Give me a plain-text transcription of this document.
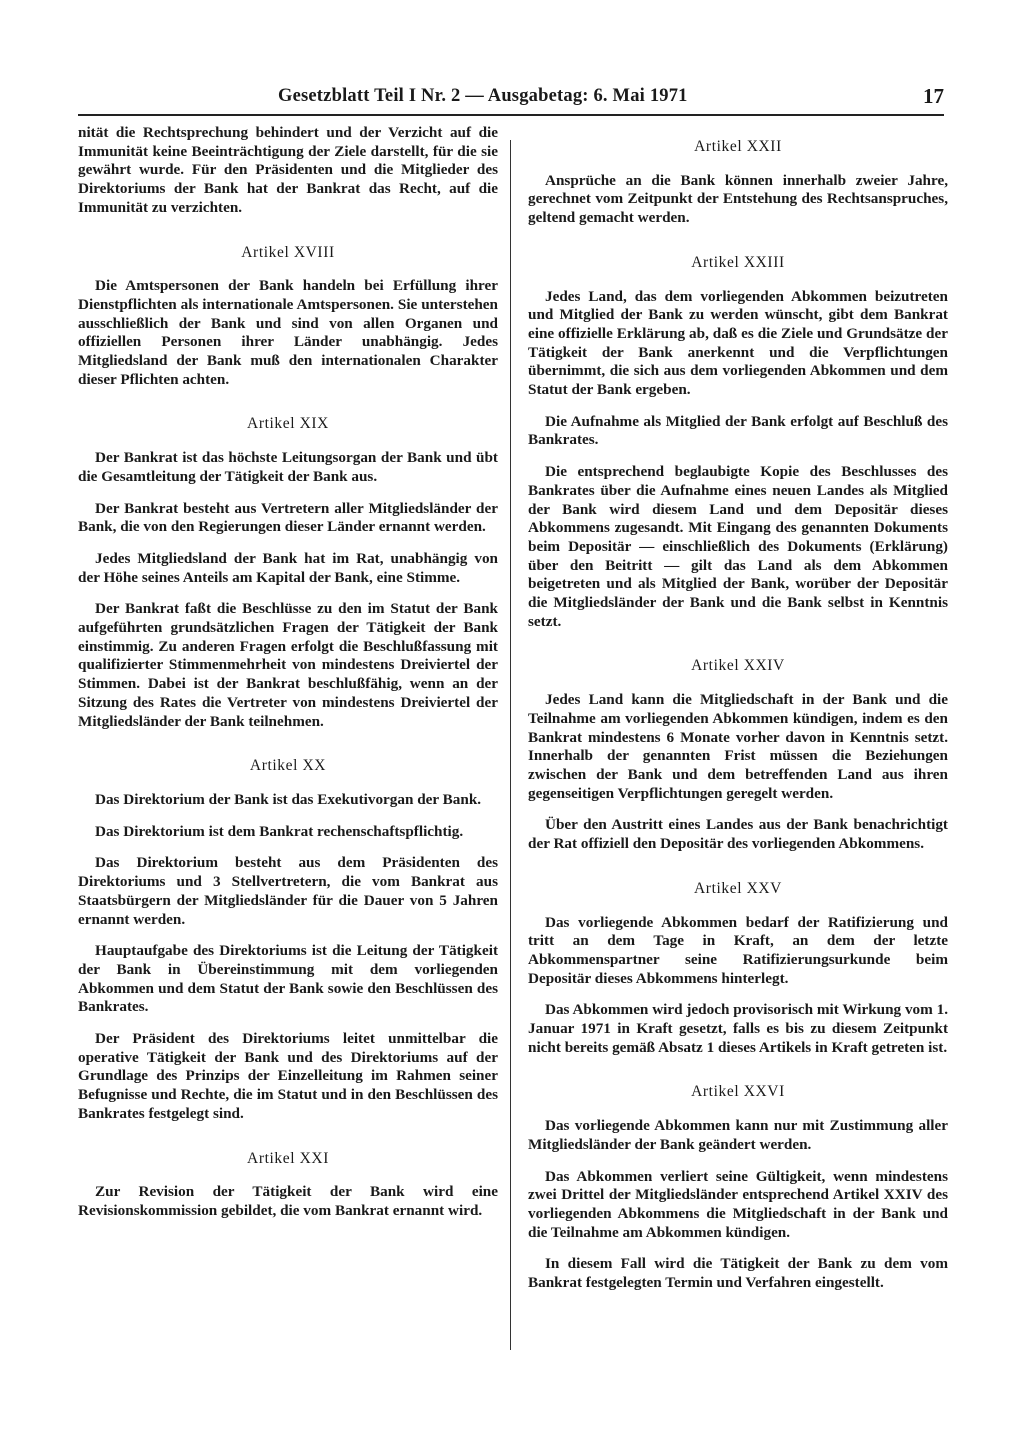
Gesetzblatt Teil I Nr. 2 — Ausgabetag: 6. Mai 1971	17

nität die Rechtsprechung behindert und der Verzicht auf die Immunität keine Beeinträchtigung der Ziele darstellt, für die sie gewährt wurde. Für den Präsidenten und die Mitglieder des Direktoriums der Bank hat der Bankrat das Recht, auf die Immunität zu verzichten.

Artikel XVIII

Die Amtspersonen der Bank handeln bei Erfüllung ihrer Dienstpflichten als internationale Amtspersonen. Sie unterstehen ausschließlich der Bank und sind von allen Organen und offiziellen Personen ihrer Länder unabhängig. Jedes Mitgliedsland der Bank muß den internationalen Charakter dieser Pflichten achten.

Artikel XIX

Der Bankrat ist das höchste Leitungsorgan der Bank und übt die Gesamtleitung der Tätigkeit der Bank aus.

Der Bankrat besteht aus Vertretern aller Mitgliedsländer der Bank, die von den Regierungen dieser Länder ernannt werden.

Jedes Mitgliedsland der Bank hat im Rat, unabhängig von der Höhe seines Anteils am Kapital der Bank, eine Stimme.

Der Bankrat faßt die Beschlüsse zu den im Statut der Bank aufgeführten grundsätzlichen Fragen der Tätigkeit der Bank einstimmig. Zu anderen Fragen erfolgt die Beschlußfassung mit qualifizierter Stimmenmehrheit von mindestens Dreiviertel der Stimmen. Dabei ist der Bankrat beschlußfähig, wenn an der Sitzung des Rates die Vertreter von mindestens Dreiviertel der Mitgliedsländer der Bank teilnehmen.

Artikel XX

Das Direktorium der Bank ist das Exekutivorgan der Bank.

Das Direktorium ist dem Bankrat rechenschaftspflichtig.

Das Direktorium besteht aus dem Präsidenten des Direktoriums und 3 Stellvertretern, die vom Bankrat aus Staatsbürgern der Mitgliedsländer für die Dauer von 5 Jahren ernannt werden.

Hauptaufgabe des Direktoriums ist die Leitung der Tätigkeit der Bank in Übereinstimmung mit dem vorliegenden Abkommen und dem Statut der Bank sowie den Beschlüssen des Bankrates.

Der Präsident des Direktoriums leitet unmittelbar die operative Tätigkeit der Bank und des Direktoriums auf der Grundlage des Prinzips der Einzelleitung im Rahmen seiner Befugnisse und Rechte, die im Statut und in den Beschlüssen des Bankrates festgelegt sind.

Artikel XXI

Zur Revision der Tätigkeit der Bank wird eine Revisionskommission gebildet, die vom Bankrat ernannt wird.

Artikel XXII

Ansprüche an die Bank können innerhalb zweier Jahre, gerechnet vom Zeitpunkt der Entstehung des Rechtsanspruches, geltend gemacht werden.

Artikel XXIII

Jedes Land, das dem vorliegenden Abkommen beizutreten und Mitglied der Bank zu werden wünscht, gibt dem Bankrat eine offizielle Erklärung ab, daß es die Ziele und Grundsätze der Tätigkeit der Bank anerkennt und die Verpflichtungen übernimmt, die sich aus dem vorliegenden Abkommen und dem Statut der Bank ergeben.

Die Aufnahme als Mitglied der Bank erfolgt auf Beschluß des Bankrates.

Die entsprechend beglaubigte Kopie des Beschlusses des Bankrates über die Aufnahme eines neuen Landes als Mitglied der Bank wird diesem Land und dem Depositär dieses Abkommens zugesandt. Mit Eingang des genannten Dokuments beim Depositär — einschließlich des Dokuments (Erklärung) über den Beitritt — gilt das Land als dem Abkommen beigetreten und als Mitglied der Bank, worüber der Depositär die Mitgliedsländer der Bank und die Bank selbst in Kenntnis setzt.

Artikel XXIV

Jedes Land kann die Mitgliedschaft in der Bank und die Teilnahme am vorliegenden Abkommen kündigen, indem es den Bankrat mindestens 6 Monate vorher davon in Kenntnis setzt. Innerhalb der genannten Frist müssen die Beziehungen zwischen der Bank und dem betreffenden Land aus ihren gegenseitigen Verpflichtungen geregelt werden.

Über den Austritt eines Landes aus der Bank benachrichtigt der Rat offiziell den Depositär des vorliegenden Abkommens.

Artikel XXV

Das vorliegende Abkommen bedarf der Ratifizierung und tritt an dem Tage in Kraft, an dem der letzte Abkommenspartner seine Ratifizierungsurkunde beim Depositär dieses Abkommens hinterlegt.

Das Abkommen wird jedoch provisorisch mit Wirkung vom 1. Januar 1971 in Kraft gesetzt, falls es bis zu diesem Zeitpunkt nicht bereits gemäß Absatz 1 dieses Artikels in Kraft getreten ist.

Artikel XXVI

Das vorliegende Abkommen kann nur mit Zustimmung aller Mitgliedsländer der Bank geändert werden.

Das Abkommen verliert seine Gültigkeit, wenn mindestens zwei Drittel der Mitgliedsländer entsprechend Artikel XXIV des vorliegenden Abkommens die Mitgliedschaft in der Bank und die Teilnahme am Abkommen kündigen.

In diesem Fall wird die Tätigkeit der Bank zu dem vom Bankrat festgelegten Termin und Verfahren eingestellt.
